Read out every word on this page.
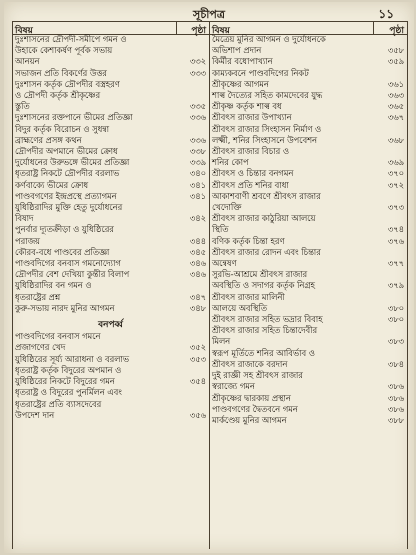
সূচীপত্র	১১
বিষয়	পৃষ্ঠা
দুঃশাসনের দ্রৌপদী-সমীপে গমন ও
উহাকে কেশাকর্ষণ পূর্বক সভায়
আনয়ন	৩৩২
সভাজন প্রতি বিকর্ণের উত্তর	৩৩৩
দুঃশাসন কর্তৃক দ্রৌপদীর বস্ত্রহরণ
ও দ্রৌপদী কর্তৃক শ্রীকৃষ্ণের
স্তুতি	৩৩৫
দুঃশাসনের রক্তপানে ভীমের প্রতিজ্ঞা	৩৩৬
বিদুর কর্তৃক বিরোচন ও সুধন্বা
ব্রাহ্মণের প্রসঙ্গ কথন	৩৩৬
দ্রৌপদীর অপমানে ভীমের ক্রোধ	৩৩৮
দুর্যোধনের উরুভঙ্গে ভীমের প্রতিজ্ঞা	৩৩৯
ধৃতরাষ্ট্র নিকটে দ্রৌপদীর বরলাভ	৩৪০
কর্ণবাক্যে ভীমের ক্রোধ	৩৪১
পাণ্ডবগণের ইন্দ্রপ্রস্থে প্রত্যাগমন	৩৪১
যুধিষ্ঠিরাদির মুক্তি হেতু দুর্যোধনের
বিষাদ	৩৪২
পুনর্বার দ্যূতক্রীড়া ও যুধিষ্ঠিরের
পরাজয়	৩৪৪
কৌরব-বধে পাণ্ডবের প্রতিজ্ঞা	৩৪৫
পাণ্ডবদিগের বনবাস গমনোদ্যোগ	৩৪৬
দ্রৌপদীর বেশ দেখিয়া কুন্তীর বিলাপ	৩৪৬
যুধিষ্ঠিরাদির বন গমন ও
ধৃতরাষ্ট্রের প্রশ্ন	৩৪৭
কুরু-সভায় নারদ মুনির আগমন	৩৪৮
বনপর্ব্ব
পাণ্ডবদিগের বনবাস গমনে
প্রজাগণের খেদ	৩৫২
যুধিষ্ঠিরের সূর্য্য আরাধনা ও বরলাভ	৩৫৩
ধৃতরাষ্ট্র কর্তৃক বিদুরের অপমান ও
যুধিষ্ঠিরের নিকটে বিদুরের গমন	৩৫৪
ধৃতরাষ্ট্র ও বিদুরের পুনর্মিলন এবং
ধৃতরাষ্ট্রের প্রতি ব্যাসদেবের
উপদেশ দান	৩৫৬
বিষয়	পৃষ্ঠা
মৈত্রেয় মুনির আগমন ও দুর্যোধনকে
অভিশাপ প্রদান	৩৫৮
কির্মীর বধোপাখ্যান	৩৫৯
কাম্যকবনে পাণ্ডবদিগের নিকট
শ্রীকৃষ্ণের আগমন	৩৬১
শাল্ব দৈত্যের সহিত কামদেবের যুদ্ধ	৩৬৩
শ্রীকৃষ্ণ কর্তৃক শাল্ব বধ	৩৬৫
শ্রীবৎস রাজার উপাখ্যান	৩৬৭
শ্রীবৎস রাজার সিংহাসন নির্মাণ ও
লক্ষ্মী, শনির সিংহাসনে উপবেশন	৩৬৮
শ্রীবৎস রাজার বিচার ও
শনির কোপ	৩৬৯
শ্রীবৎস ও চিন্তার বনগমন	৩৭০
শ্রীবৎস প্রতি শনির বাধা	৩৭২
আকাশবাণী শ্রবণে শ্রীবৎস রাজার
খেদোক্তি	৩৭৩
শ্রীবৎস রাজার কাঠুরিয়া আলয়ে
স্থিতি	৩৭৪
বণিক কর্তৃক চিন্তা হরণ	৩৭৬
শ্রীবৎস রাজার রোদন এবং চিন্তার
অন্বেষণ	৩৭৭
সুরভি-আশ্রমে শ্রীবৎস রাজার
অবস্থিতি ও সদাগর কর্তৃক নিগ্রহ	৩৭৯
শ্রীবৎস রাজার মালিনী
আলয়ে অবস্থিতি	৩৮০
শ্রীবৎস রাজার সহিত ভদ্রার বিবাহ	৩৮০
শ্রীবৎস রাজার সহিত চিন্তাদেবীর
মিলন	৩৮৩
স্বরূপ মূর্তিতে শনির আবির্ভাব ও
শ্রীবৎস রাজাকে বরদান	৩৮৪
দুই রাজ্ঞী সহ শ্রীবৎস রাজার
স্বরাজ্যে গমন	৩৮৬
শ্রীকৃষ্ণের দ্বারকায় প্রস্থান	৩৮৬
পাণ্ডবগণের দ্বৈতবনে গমন	৩৮৬
মার্কণ্ডেয় মুনির আগমন	৩৮৮
